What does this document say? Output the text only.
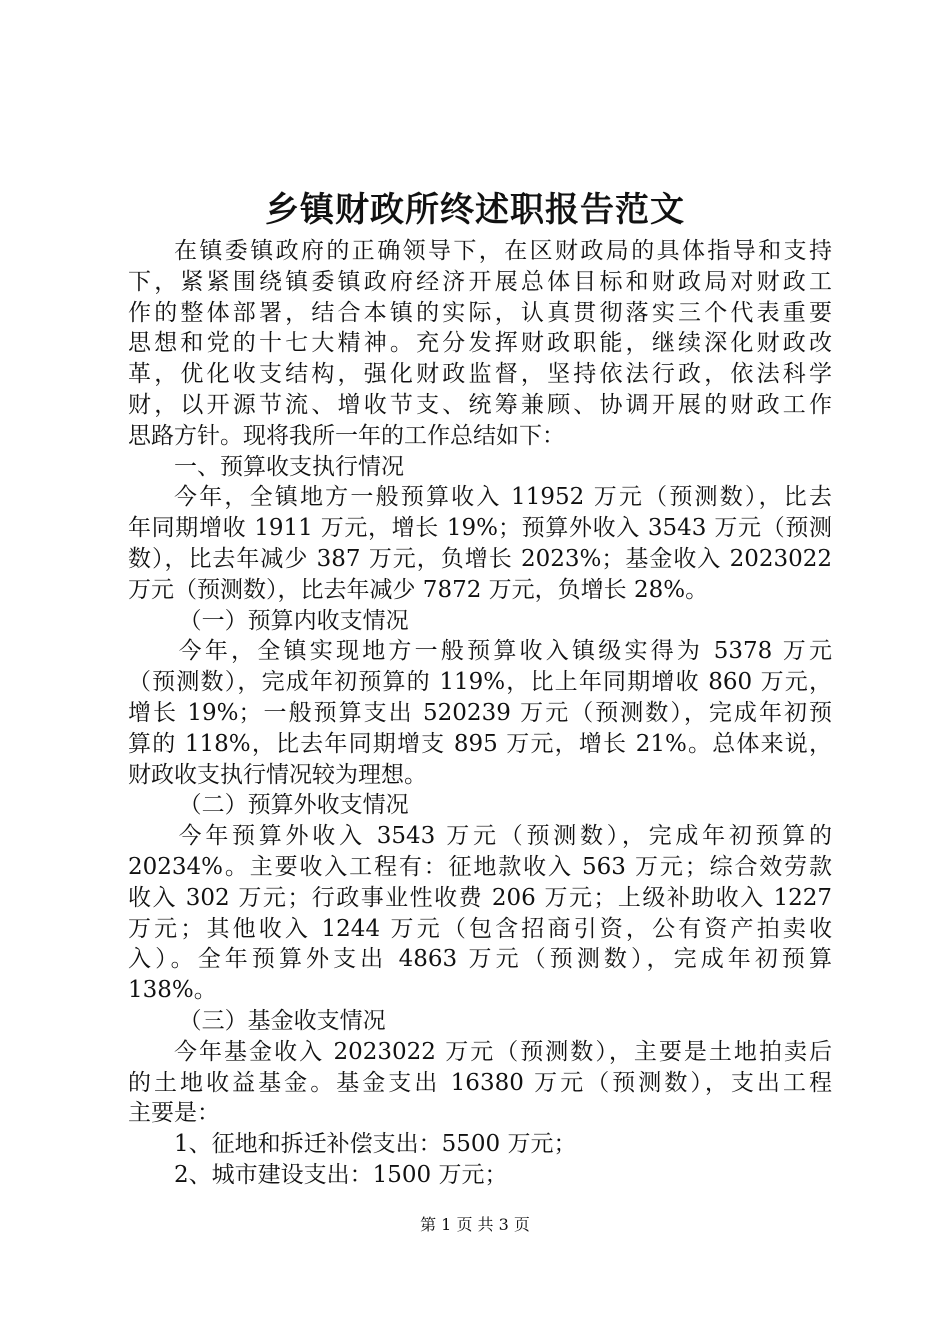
乡镇财政所终述职报告范文
在镇委镇政府的正确领导下，在区财政局的具体指导和支持
下，紧紧围绕镇委镇政府经济开展总体目标和财政局对财政工
作的整体部署，结合本镇的实际，认真贯彻落实三个代表重要
思想和党的十七大精神。充分发挥财政职能，继续深化财政改
革，优化收支结构，强化财政监督，坚持依法行政，依法科学
财，以开源节流、增收节支、统筹兼顾、协调开展的财政工作
思路方针。现将我所一年的工作总结如下：
一、预算收支执行情况
今年，全镇地方一般预算收入 11952 万元（预测数），比去
年同期增收 1911 万元，增长 19%；预算外收入 3543 万元（预测
数），比去年减少 387 万元，负增长 2023%；基金收入 2023022
万元（预测数），比去年减少 7872 万元，负增长 28%。
（一）预算内收支情况
今年，全镇实现地方一般预算收入镇级实得为 5378 万元
（预测数），完成年初预算的 119%，比上年同期增收 860 万元，
增长 19%；一般预算支出 520239 万元（预测数），完成年初预
算的 118%，比去年同期增支 895 万元，增长 21%。总体来说，
财政收支执行情况较为理想。
（二）预算外收支情况
今年预算外收入 3543 万元（预测数），完成年初预算的
20234%。主要收入工程有：征地款收入 563 万元；综合效劳款
收入 302 万元；行政事业性收费 206 万元；上级补助收入 1227
万元；其他收入 1244 万元（包含招商引资，公有资产拍卖收
入）。全年预算外支出 4863 万元（预测数），完成年初预算
138%。
（三）基金收支情况
今年基金收入 2023022 万元（预测数），主要是土地拍卖后
的土地收益基金。基金支出 16380 万元（预测数），支出工程
主要是：
1、征地和拆迁补偿支出：5500 万元；
2、城市建设支出：1500 万元；
第 1 页 共 3 页
